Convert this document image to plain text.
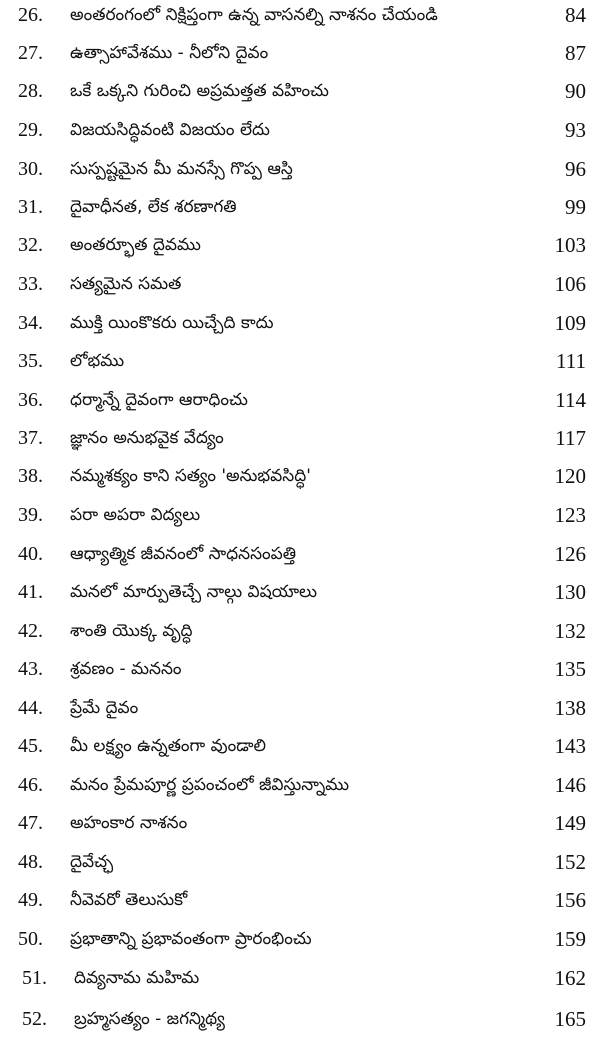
26.	అంతరంగంలో నిక్షిప్తంగా ఉన్న వాసనల్ని నాశనం చేయండి	84
27.	ఉత్సాహావేశము - నీలోని దైవం	87
28.	ఒకే ఒక్కని గురించి అప్రమత్తత వహించు	90
29.	విజయసిద్ధివంటి విజయం లేదు	93
30.	సుస్పష్టమైన మీ మనస్సే గొప్ప ఆస్తి	96
31.	దైవాధీనత, లేక శరణాగతి	99
32.	అంతర్భూత దైవము	103
33.	సత్యమైన సమత	106
34.	ముక్తి యింకొకరు యిచ్చేది కాదు	109
35.	లోభము	111
36.	ధర్మాన్నే దైవంగా ఆరాధించు	114
37.	జ్ఞానం అనుభవైక వేద్యం	117
38.	నమ్మశక్యం కాని సత్యం 'అనుభవసిద్ధి'	120
39.	పరా అపరా విద్యలు	123
40.	ఆధ్యాత్మిక జీవనంలో సాధనసంపత్తి	126
41.	మనలో మార్పుతెచ్చే నాల్గు విషయాలు	130
42.	శాంతి యొక్క వృద్ధి	132
43.	శ్రవణం - మననం	135
44.	ప్రేమే దైవం	138
45.	మీ లక్ష్యం ఉన్నతంగా వుండాలి	143
46.	మనం ప్రేమపూర్ణ ప్రపంచంలో జీవిస్తున్నాము	146
47.	అహంకార నాశనం	149
48.	దైవేచ్ఛ	152
49.	నీవెవరో తెలుసుకో	156
50.	ప్రభాతాన్ని ప్రభావంతంగా ప్రారంభించు	159
51.	దివ్యనామ మహిమ	162
52.	బ్రహ్మసత్యం - జగన్మిథ్య	165
